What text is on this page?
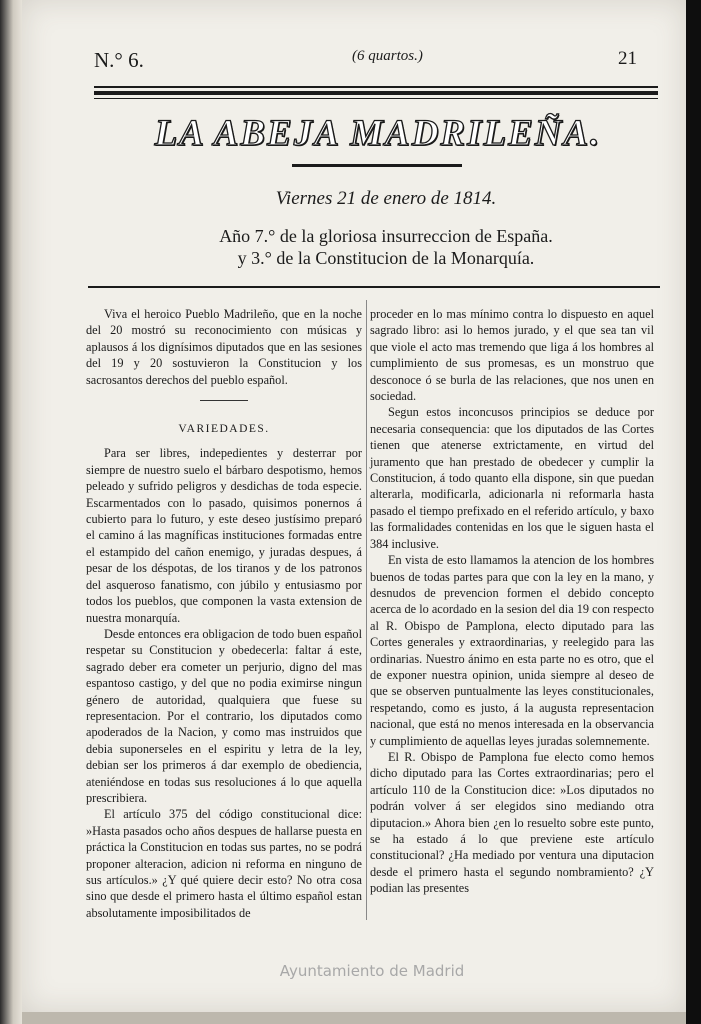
N.° 6.	(6 quartos.)	21
LA ABEJA MADRILEÑA.
Viernes 21 de enero de 1814.
Año 7.° de la gloriosa insurreccion de España.
y 3.° de la Constitucion de la Monarquía.

Viva el heroico Pueblo Madrileño, que en la noche del 20 mostró su reconocimiento con músicas y aplausos á los dignísimos diputados que en las sesiones del 19 y 20 sostuvieron la Constitucion y los sacrosantos derechos del pueblo español.

VARIEDADES.

Para ser libres, indepedientes y desterrar por siempre de nuestro suelo el bárbaro despotismo, hemos peleado y sufrido peligros y desdichas de toda especie. Escarmentados con lo pasado, quisimos ponernos á cubierto para lo futuro, y este deseo justísimo preparó el camino á las magníficas instituciones formadas entre el estampido del cañon enemigo, y juradas despues, á pesar de los déspotas, de los tiranos y de los patronos del asqueroso fanatismo, con júbilo y entusiasmo por todos los pueblos, que componen la vasta extension de nuestra monarquía.

Desde entonces era obligacion de todo buen español respetar su Constitucion y obedecerla: faltar á este, sagrado deber era cometer un perjurio, digno del mas espantoso castigo, y del que no podia eximirse ningun género de autoridad, qualquiera que fuese su representacion. Por el contrario, los diputados como apoderados de la Nacion, y como mas instruidos que debia suponerseles en el espiritu y letra de la ley, debian ser los primeros á dar exemplo de obediencia, ateniéndose en todas sus resoluciones á lo que aquella prescribiera.

El artículo 375 del código constitucional dice: »Hasta pasados ocho años despues de hallarse puesta en práctica la Constitucion en todas sus partes, no se podrá proponer alteracion, adicion ni reforma en ninguno de sus artículos.» ¿Y qué quiere decir esto? No otra cosa sino que desde el primero hasta el último español estan absolutamente imposibilitados de

proceder en lo mas mínimo contra lo dispuesto en aquel sagrado libro: asi lo hemos jurado, y el que sea tan vil que viole el acto mas tremendo que liga á los hombres al cumplimiento de sus promesas, es un monstruo que desconoce ó se burla de las relaciones, que nos unen en sociedad.

Segun estos inconcusos principios se deduce por necesaria consequencia: que los diputados de las Cortes tienen que atenerse extrictamente, en virtud del juramento que han prestado de obedecer y cumplir la Constitucion, á todo quanto ella dispone, sin que puedan alterarla, modificarla, adicionarla ni reformarla hasta pasado el tiempo prefixado en el referido artículo, y baxo las formalidades contenidas en los que le siguen hasta el 384 inclusive.

En vista de esto llamamos la atencion de los hombres buenos de todas partes para que con la ley en la mano, y desnudos de prevencion formen el debido concepto acerca de lo acordado en la sesion del dia 19 con respecto al R. Obispo de Pamplona, electo diputado para las Cortes generales y extraordinarias, y reelegido para las ordinarias. Nuestro ánimo en esta parte no es otro, que el de exponer nuestra opinion, unida siempre al deseo de que se observen puntualmente las leyes constitucionales, respetando, como es justo, á la augusta representacion nacional, que está no menos interesada en la observancia y cumplimiento de aquellas leyes juradas solemnemente.

El R. Obispo de Pamplona fue electo como hemos dicho diputado para las Cortes extraordinarias; pero el artículo 110 de la Constitucion dice: »Los diputados no podrán volver á ser elegidos sino mediando otra diputacion.» Ahora bien ¿en lo resuelto sobre este punto, se ha estado á lo que previene este artículo constitucional? ¿Ha mediado por ventura una diputacion desde el primero hasta el segundo nombramiento? ¿Y podian las presentes

Ayuntamiento de Madrid
